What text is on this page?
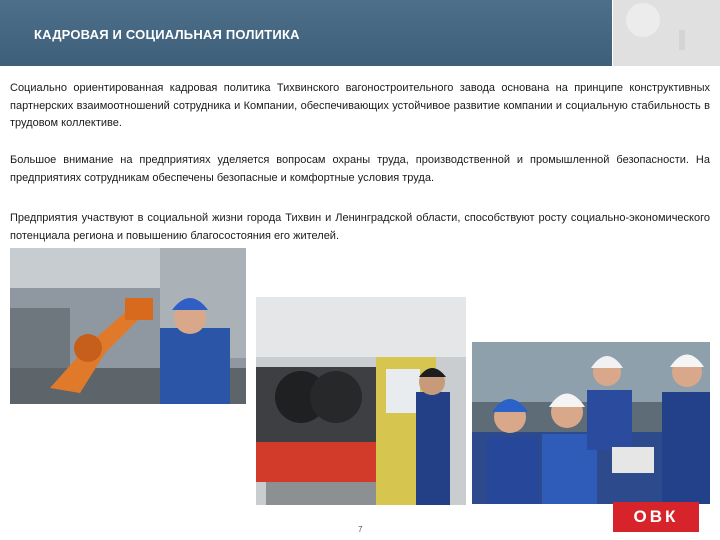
КАДРОВАЯ И СОЦИАЛЬНАЯ ПОЛИТИКА

Социально ориентированная кадровая политика Тихвинского вагоностроительного завода основана на принципе конструктивных партнерских взаимоотношений сотрудника и Компании, обеспечивающих устойчивое развитие компании и социальную стабильность в трудовом коллективе.

Большое внимание на предприятиях уделяется вопросам охраны труда, производственной и промышленной безопасности. На предприятиях сотрудникам обеспечены безопасные и комфортные условия труда.

Предприятия участвуют в социальной жизни города Тихвин и Ленинградской области, способствуют росту социально-экономического потенциала региона и повышению благосостояния его жителей.

7
ОВК
